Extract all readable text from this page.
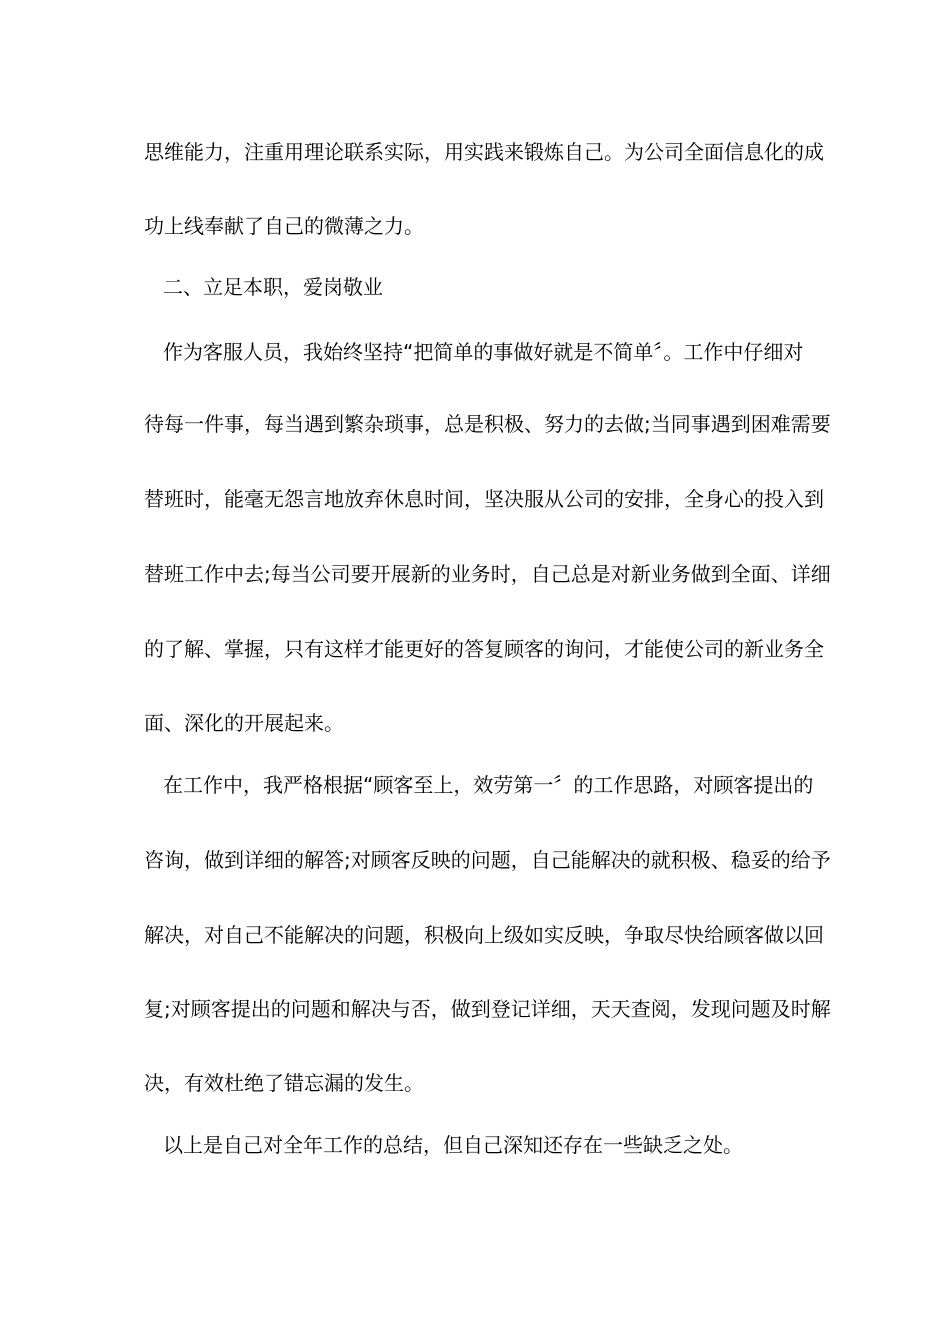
思维能力，注重用理论联系实际，用实践来锻炼自己。为公司全面信息化的成

功上线奉献了自己的微薄之力。

二、立足本职，爱岗敬业

作为客服人员，我始终坚持“把简单的事做好就是不简单〞。工作中仔细对

待每一件事，每当遇到繁杂琐事，总是积极、努力的去做;当同事遇到困难需要

替班时，能毫无怨言地放弃休息时间，坚决服从公司的安排，全身心的投入到

替班工作中去;每当公司要开展新的业务时，自己总是对新业务做到全面、详细

的了解、掌握，只有这样才能更好的答复顾客的询问，才能使公司的新业务全

面、深化的开展起来。

在工作中，我严格根据“顾客至上，效劳第一〞的工作思路，对顾客提出的

咨询，做到详细的解答;对顾客反映的问题，自己能解决的就积极、稳妥的给予

解决，对自己不能解决的问题，积极向上级如实反映，争取尽快给顾客做以回

复;对顾客提出的问题和解决与否，做到登记详细，天天查阅，发现问题及时解

决，有效杜绝了错忘漏的发生。

以上是自己对全年工作的总结，但自己深知还存在一些缺乏之处。
